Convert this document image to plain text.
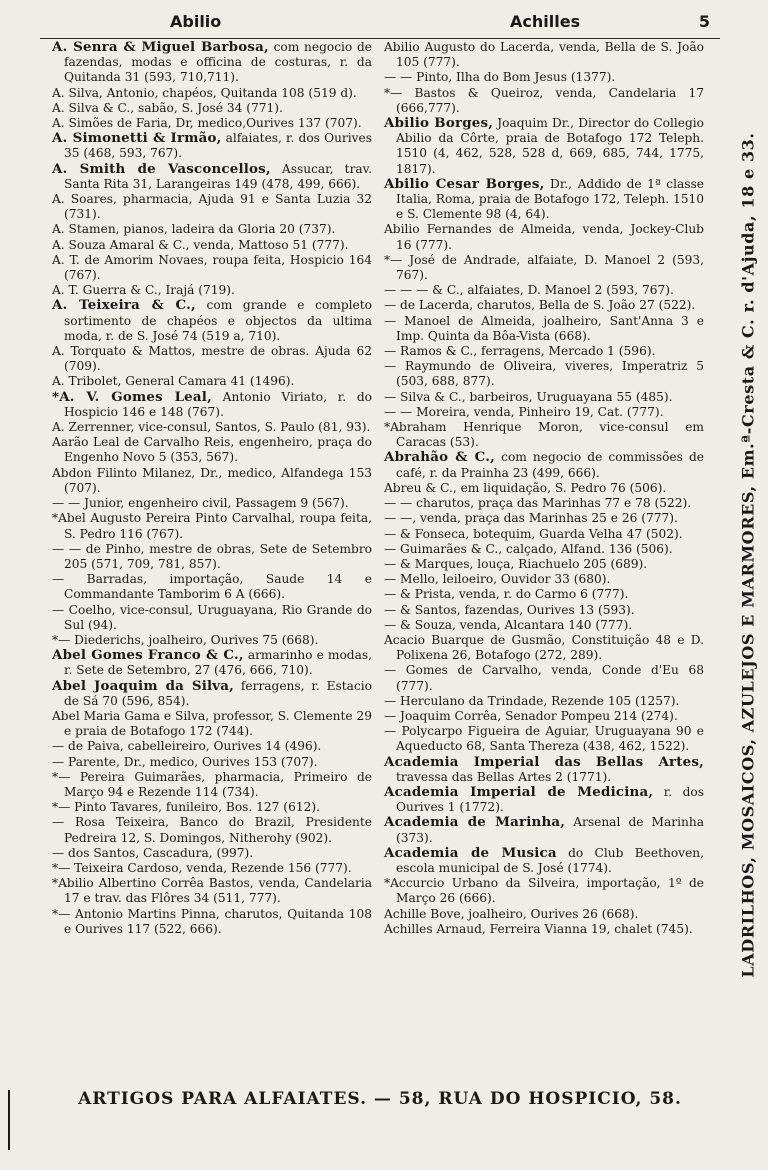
Abilio	Achilles	5

A. Senra & Miguel Barbosa, com negocio de fazendas, modas e officina de costuras, r. da Quitanda 31 (593, 710,711).

A. Silva, Antonio, chapéos, Quitanda 108 (519 d).

A. Silva & C., sabão, S. José 34 (771).

A. Simões de Faria, Dr, medico,Ourives 137 (707).

A. Simonetti & Irmão, alfaiates, r. dos Ourives 35 (468, 593, 767).

A. Smith de Vasconcellos, Assucar, trav. Santa Rita 31, Larangeiras 149 (478, 499, 666).

A. Soares, pharmacia, Ajuda 91 e Santa Luzia 32 (731).

A. Stamen, pianos, ladeira da Gloria 20 (737).

A. Souza Amaral & C., venda, Mattoso 51 (777).

A. T. de Amorim Novaes, roupa feita, Hospicio 164 (767).

A. T. Guerra & C., Irajá (719).

A. Teixeira & C., com grande e completo sortimento de chapéos e objectos da ultima moda, r. de S. José 74 (519 a, 710).

A. Torquato & Mattos, mestre de obras. Ajuda 62 (709).

A. Tribolet, General Camara 41 (1496).

*A. V. Gomes Leal, Antonio Viriato, r. do Hospicio 146 e 148 (767).

A. Zerrenner, vice-consul, Santos, S. Paulo (81, 93).

Aarão Leal de Carvalho Reis, engenheiro, praça do Engenho Novo 5 (353, 567).

Abdon Filinto Milanez, Dr., medico, Alfandega 153 (707).

— — Junior, engenheiro civil, Passagem 9 (567).

*Abel Augusto Pereira Pinto Carvalhal, roupa feita, S. Pedro 116 (767).

— — de Pinho, mestre de obras, Sete de Setembro 205 (571, 709, 781, 857).

— Barradas, importação, Saude 14 e Commandante Tamborim 6 A (666).

— Coelho, vice-consul, Uruguayana, Rio Grande do Sul (94).

*— Diederichs, joalheiro, Ourives 75 (668).

Abel Gomes Franco & C., armarinho e modas, r. Sete de Setembro, 27 (476, 666, 710).

Abel Joaquim da Silva, ferragens, r. Estacio de Sá 70 (596, 854).

Abel Maria Gama e Silva, professor, S. Clemente 29 e praia de Botafogo 172 (744).

— de Paiva, cabelleireiro, Ourives 14 (496).

— Parente, Dr., medico, Ourives 153 (707).

*— Pereira Guimarães, pharmacia, Primeiro de Março 94 e Rezende 114 (734).

*— Pinto Tavares, funileiro, Bos. 127 (612).

— Rosa Teixeira, Banco do Brazil, Presidente Pedreira 12, S. Domingos, Nitherohy (902).

— dos Santos, Cascadura, (997).

*— Teixeira Cardoso, venda, Rezende 156 (777).

*Abilio Albertino Corrêa Bastos, venda, Candelaria 17 e trav. das Flôres 34 (511, 777).

*— Antonio Martins Pinna, charutos, Quitanda 108 e Ourives 117 (522, 666).

Abilio Augusto do Lacerda, venda, Bella de S. João 105 (777).

— — Pinto, Ilha do Bom Jesus (1377).

*— Bastos & Queiroz, venda, Candelaria 17 (666,777).

Abilio Borges, Joaquim Dr., Director do Collegio Abilio da Côrte, praia de Botafogo 172 Teleph. 1510 (4, 462, 528, 528 d, 669, 685, 744, 1775, 1817).

Abilio Cesar Borges, Dr., Addido de 1ª classe Italia, Roma, praia de Botafogo 172, Teleph. 1510 e S. Clemente 98 (4, 64).

Abilio Fernandes de Almeida, venda, Jockey-Club 16 (777).

*— José de Andrade, alfaiate, D. Manoel 2 (593, 767).

— — — & C., alfaiates, D. Manoel 2 (593, 767).

— de Lacerda, charutos, Bella de S. João 27 (522).

— Manoel de Almeida, joalheiro, Sant'Anna 3 e Imp. Quinta da Bôa-Vista (668).

— Ramos & C., ferragens, Mercado 1 (596).

— Raymundo de Oliveira, viveres, Imperatriz 5 (503, 688, 877).

— Silva & C., barbeiros, Uruguayana 55 (485).

— — Moreira, venda, Pinheiro 19, Cat. (777).

*Abraham Henrique Moron, vice-consul em Caracas (53).

Abrahão & C., com negocio de commissões de café, r. da Prainha 23 (499, 666).

Abreu & C., em liquidação, S. Pedro 76 (506).

— — charutos, praça das Marinhas 77 e 78 (522).

— —, venda, praça das Marinhas 25 e 26 (777).

— & Fonseca, botequim, Guarda Velha 47 (502).

— Guimarães & C., calçado, Alfand. 136 (506).

— & Marques, louça, Riachuelo 205 (689).

— Mello, leiloeiro, Ouvidor 33 (680).

— & Prista, venda, r. do Carmo 6 (777).

— & Santos, fazendas, Ourives 13 (593).

— & Souza, venda, Alcantara 140 (777).

Acacio Buarque de Gusmão, Constituição 48 e D. Polixena 26, Botafogo (272, 289).

— Gomes de Carvalho, venda, Conde d'Eu 68 (777).

— Herculano da Trindade, Rezende 105 (1257).

— Joaquim Corrêa, Senador Pompeu 214 (274).

— Polycarpo Figueira de Aguiar, Uruguayana 90 e Aqueducto 68, Santa Thereza (438, 462, 1522).

Academia Imperial das Bellas Artes, travessa das Bellas Artes 2 (1771).

Academia Imperial de Medicina, r. dos Ourives 1 (1772).

Academia de Marinha, Arsenal de Marinha (373).

Academia de Musica do Club Beethoven, escola municipal de S. José (1774).

*Accurcio Urbano da Silveira, importação, 1º de Março 26 (666).

Achille Bove, joalheiro, Ourives 26 (668).

Achilles Arnaud, Ferreira Vianna 19, chalet (745).	LADRILHOS, MOSAICOS, AZULEJOS E MARMORES, Em.ª-Cresta & C. r. d'Ajuda, 18 e 33.
ARTIGOS PARA ALFAIATES. — 58, RUA DO HOSPICIO, 58.
